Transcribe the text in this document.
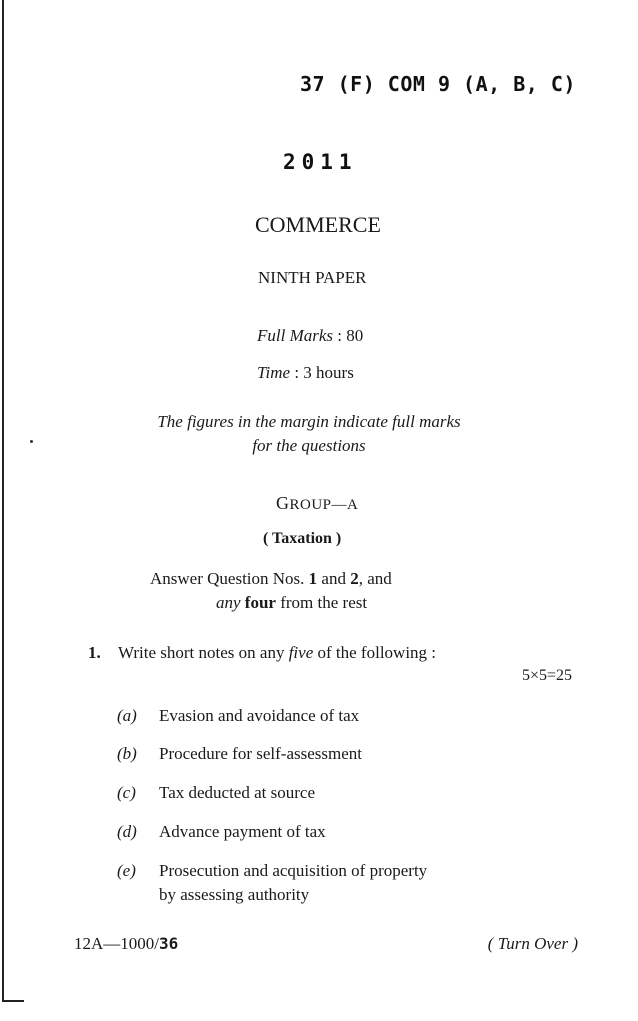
37 (F) COM 9 (A, B, C)
2011
COMMERCE
NINTH PAPER
Full Marks : 80
Time : 3 hours
The figures in the margin indicate full marks
for the questions
GROUP—A
( Taxation )
Answer Question Nos. 1 and 2, and
any four from the rest
1. Write short notes on any five of the following :
5×5=25
(a) Evasion and avoidance of tax
(b) Procedure for self-assessment
(c) Tax deducted at source
(d) Advance payment of tax
(e) Prosecution and acquisition of property
by assessing authority
12A—1000/36	( Turn Over )
